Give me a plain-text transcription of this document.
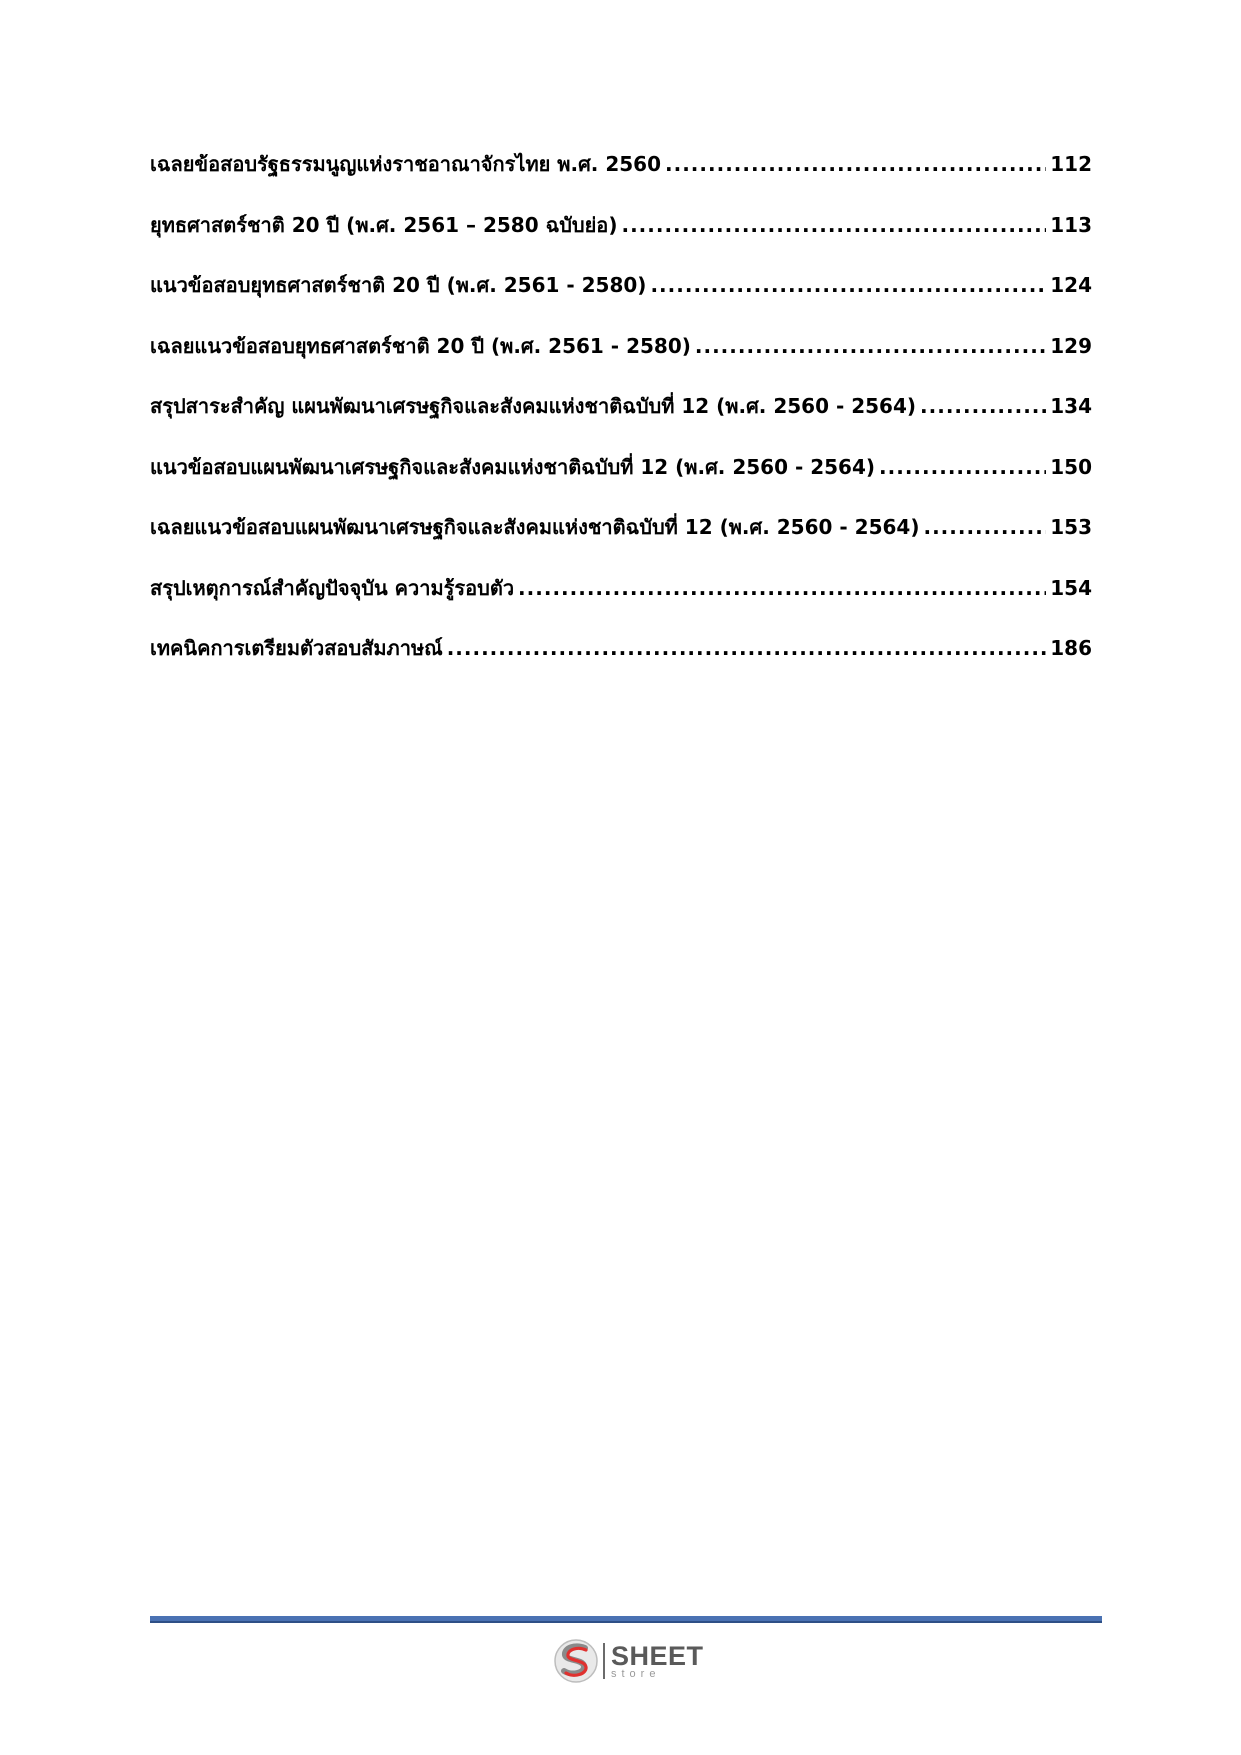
เฉลยข้อสอบรัฐธรรมนูญแห่งราชอาณาจักรไทย พ.ศ. 2560 .....	112
ยุทธศาสตร์ชาติ 20 ปี (พ.ศ. 2561 – 2580 ฉบับย่อ) .....	113
แนวข้อสอบยุทธศาสตร์ชาติ 20 ปี (พ.ศ. 2561 - 2580) .....	124
เฉลยแนวข้อสอบยุทธศาสตร์ชาติ 20 ปี (พ.ศ. 2561 - 2580) .....	129
สรุปสาระสำคัญ แผนพัฒนาเศรษฐกิจและสังคมแห่งชาติฉบับที่ 12 (พ.ศ. 2560 - 2564) .....	134
แนวข้อสอบแผนพัฒนาเศรษฐกิจและสังคมแห่งชาติฉบับที่ 12 (พ.ศ. 2560 - 2564) .....	150
เฉลยแนวข้อสอบแผนพัฒนาเศรษฐกิจและสังคมแห่งชาติฉบับที่ 12 (พ.ศ. 2560 - 2564) .....	153
สรุปเหตุการณ์สำคัญปัจจุบัน ความรู้รอบตัว .....	154
เทคนิคการเตรียมตัวสอบสัมภาษณ์ .....	186
SHEET
store
